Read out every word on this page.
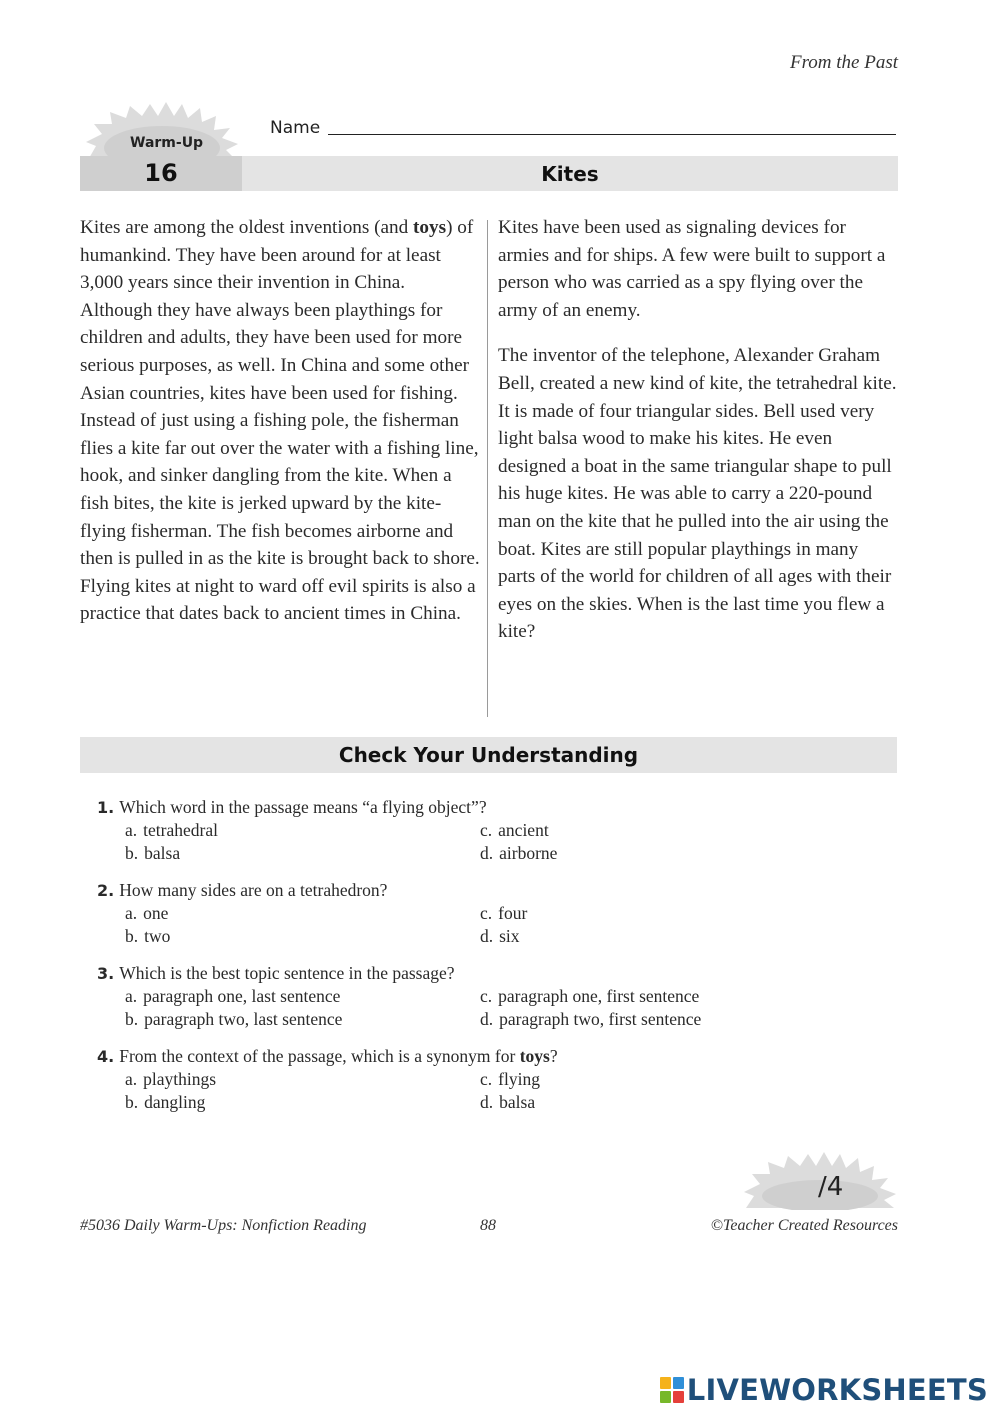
From the Past
Warm-Up
Name
16	Kites

Kites are among the oldest inventions (and toys) of humankind. They have been around for at least 3,000 years since their invention in China. Although they have always been playthings for children and adults, they have been used for more serious purposes, as well. In China and some other Asian countries, kites have been used for fishing. Instead of just using a fishing pole, the fisherman flies a kite far out over the water with a fishing line, hook, and sinker dangling from the kite. When a fish bites, the kite is jerked upward by the kite-flying fisherman. The fish becomes airborne and then is pulled in as the kite is brought back to shore. Flying kites at night to ward off evil spirits is also a practice that dates back to ancient times in China.

Kites have been used as signaling devices for armies and for ships. A few were built to support a person who was carried as a spy flying over the army of an enemy.

The inventor of the telephone, Alexander Graham Bell, created a new kind of kite, the tetrahedral kite. It is made of four triangular sides. Bell used very light balsa wood to make his kites. He even designed a boat in the same triangular shape to pull his huge kites. He was able to carry a 220-pound man on the kite that he pulled into the air using the boat. Kites are still popular playthings in many parts of the world for children of all ages with their eyes on the skies. When is the last time you flew a kite?

Check Your Understanding
1. Which word in the passage means “a flying object”?
a. tetrahedral	c. ancient
b. balsa	d. airborne
2. How many sides are on a tetrahedron?
a. one	c. four
b. two	d. six
3. Which is the best topic sentence in the passage?
a. paragraph one, last sentence	c. paragraph one, first sentence
b. paragraph two, last sentence	d. paragraph two, first sentence
4. From the context of the passage, which is a synonym for toys?
a. playthings	c. flying
b. dangling	d. balsa
/4
#5036 Daily Warm-Ups: Nonfiction Reading	88	©Teacher Created Resources
LIVEWORKSHEETS
